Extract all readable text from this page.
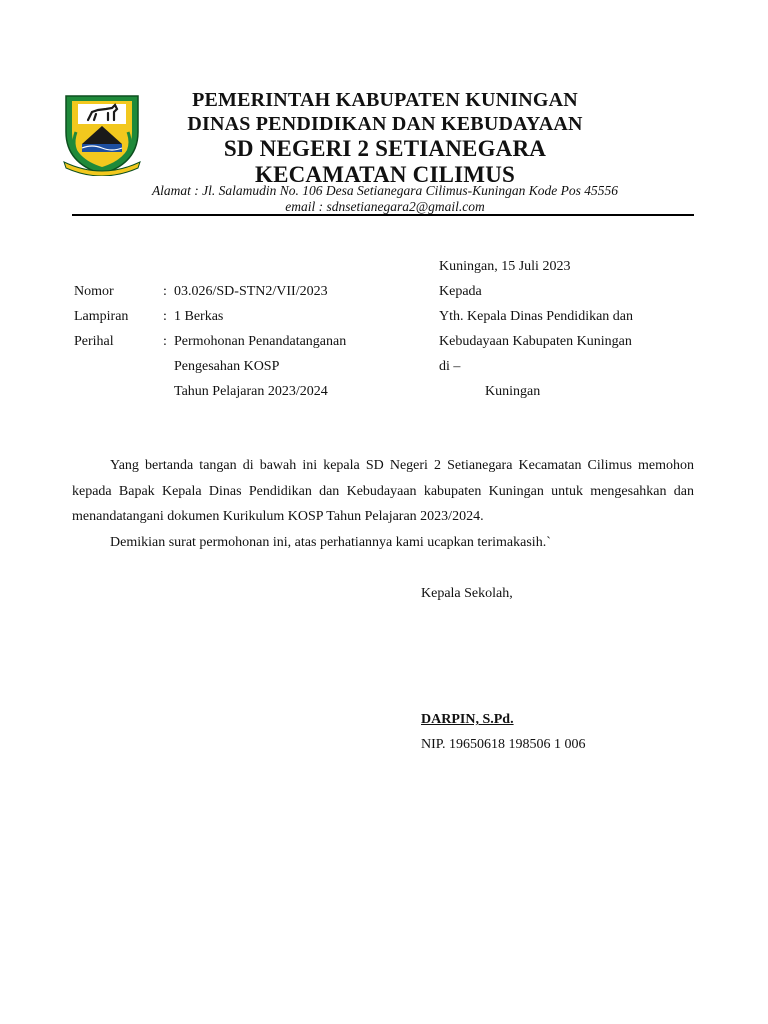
PEMERINTAH KABUPATEN KUNINGAN
DINAS PENDIDIKAN DAN KEBUDAYAAN
SD NEGERI 2 SETIANEGARA
KECAMATAN CILIMUS
Alamat : Jl. Salamudin No. 106 Desa Setianegara Cilimus-Kuningan Kode Pos 45556
email : sdnsetianegara2@gmail.com
Kuningan, 15 Juli 2023
Kepada
Yth. Kepala Dinas Pendidikan dan
Kebudayaan Kabupaten Kuningan
di –
Kuningan
Nomor
Lampiran
Perihal
:
:
:
03.026/SD-STN2/VII/2023
1 Berkas
Permohonan Penandatanganan
Pengesahan KOSP
Tahun Pelajaran 2023/2024
Yang bertanda tangan di bawah ini kepala SD Negeri 2 Setianegara Kecamatan Cilimus memohon kepada Bapak Kepala Dinas Pendidikan dan Kebudayaan kabupaten Kuningan untuk mengesahkan dan menandatangani dokumen Kurikulum KOSP Tahun Pelajaran 2023/2024.
Demikian surat permohonan ini, atas perhatiannya kami ucapkan terimakasih.`
Kepala Sekolah,
DARPIN, S.Pd.
NIP. 19650618 198506 1 006
